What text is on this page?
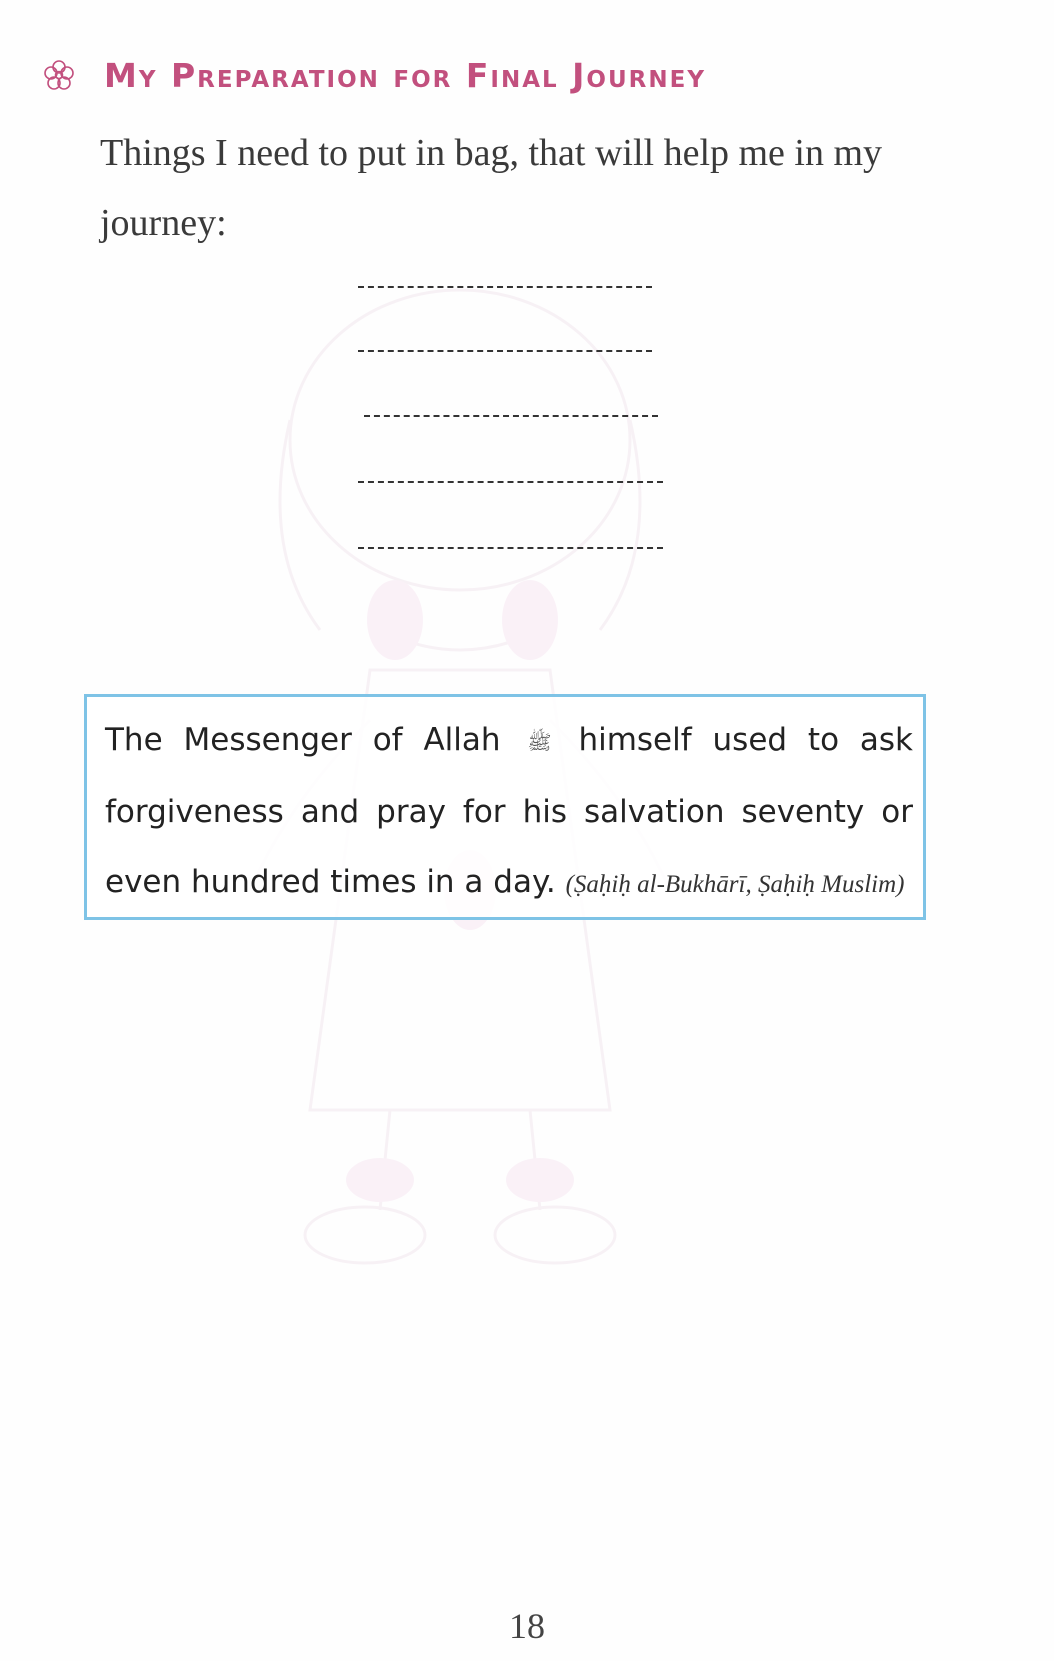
My Preparation for Final Journey
Things I need to put in bag, that will help me in my journey:
The Messenger of Allah ﷺ himself used to ask forgiveness and pray for his salvation seventy or even hundred times in a day. (Ṣaḥiḥ al-Bukhārī, Ṣaḥiḥ Muslim)
18
